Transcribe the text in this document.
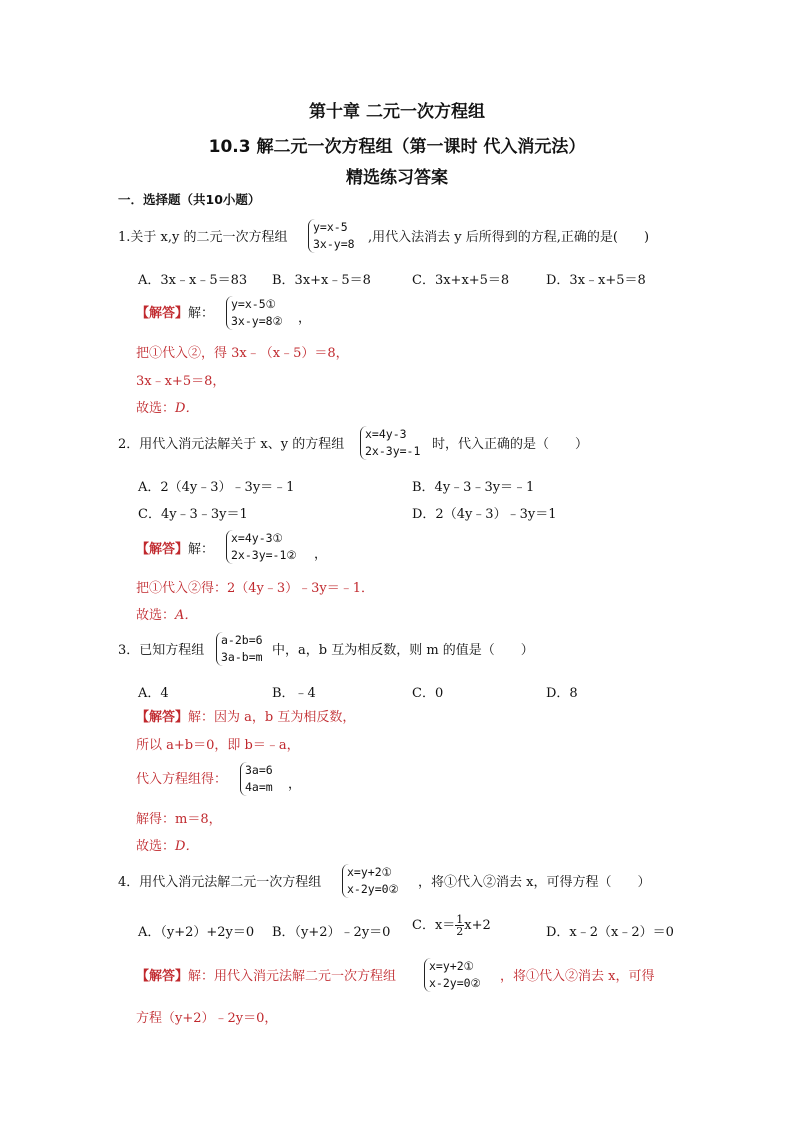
第十章 二元一次方程组
10.3 解二元一次方程组（第一课时 代入消元法）
精选练习答案
一．选择题（共10小题）
1.关于 x,y 的二元一次方程组
y=x-5
3x-y=8 ,用代入法消去 y 后所得到的方程,正确的是(　　)
A．3x﹣x﹣5＝83 B．3x+x﹣5＝8	C．3x+x+5＝8	D．3x﹣x+5＝8
【解答】解：
y=x-5①
3x-y=8② ，
把①代入②，得 3x﹣（x﹣5）＝8，
3x﹣x+5＝8，
故选：D．
2．用代入消元法解关于 x、y 的方程组
x=4y-3
2x-3y=-1 时，代入正确的是（　　）
A．2（4y﹣3）﹣3y＝﹣1	B．4y﹣3﹣3y＝﹣1
C．4y﹣3﹣3y＝1	D．2（4y﹣3）﹣3y＝1
【解答】解：
x=4y-3①
2x-3y=-1② ，
把①代入②得：2（4y﹣3）﹣3y＝﹣1．
故选：A．
3．已知方程组
a-2b=6
3a-b=m 中，a，b 互为相反数，则 m 的值是（　　）
A．4	B．﹣4	C．0	D．8
【解答】解：因为 a，b 互为相反数，
所以 a+b＝0，即 b＝﹣a，
代入方程组得：
3a=6
4a=m ，
解得：m＝8，
故选：D．
4．用代入消元法解二元一次方程组
x=y+2①
x-2y=0② ，将①代入②消去 x，可得方程（　　）
A．（y+2）+2y＝0 B．（y+2）﹣2y＝0 C．$x= \frac{1}{2} x+2$	D．x﹣2（x﹣2）＝0
【解答】解：用代入消元法解二元一次方程组
x=y+2①
x-2y=0② ，将①代入②消去 x，可得
方程（y+2）﹣2y＝0，
